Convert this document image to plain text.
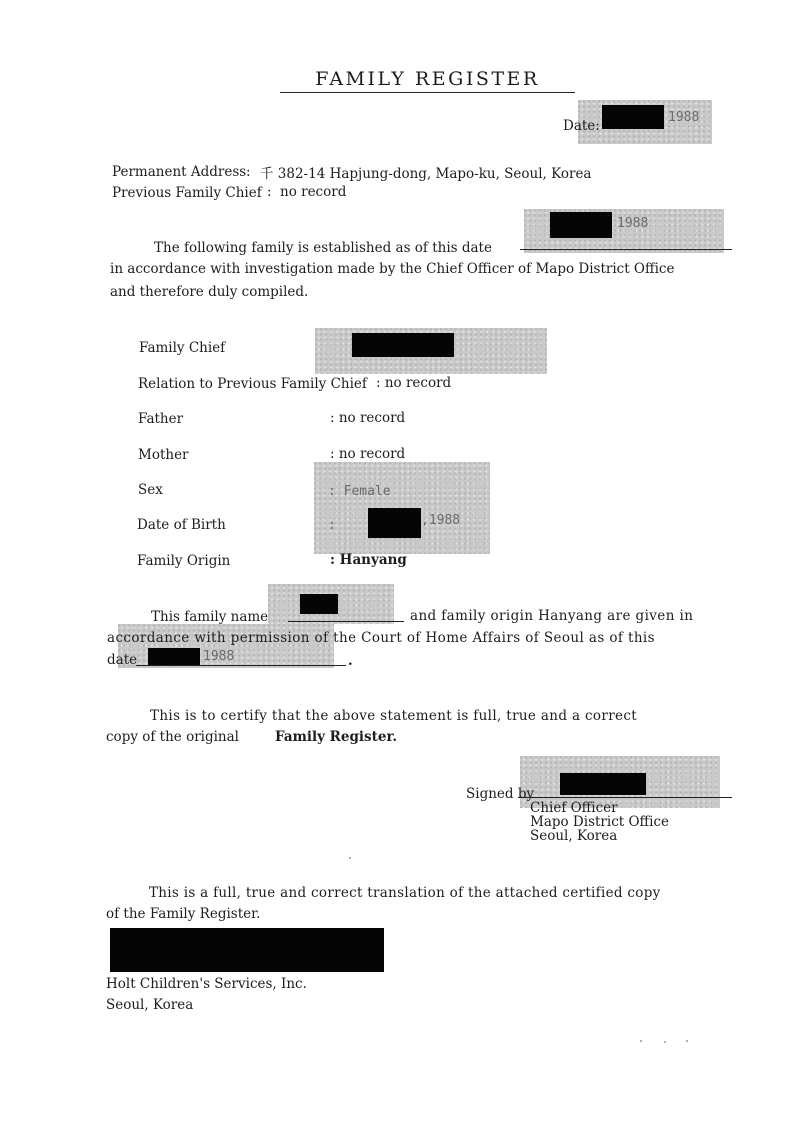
FAMILY REGISTER
Date:
1988
Permanent Address : 千 382-14 Hapjung-dong, Mapo-ku, Seoul, Korea
Previous Family Chief : no record
1988
The following family is established as of this date
in accordance with investigation made by the Chief Officer of Mapo District Office
and therefore duly compiled.
Family Chief
Relation to Previous Family Chief : no record
Father	: no record
Mother	: no record
Sex	: Female
Date of Birth	:	,1988
Family Origin	: Hanyang
This family name	and family origin Hanyang are given in
accordance with permission of the Court of Home Affairs of Seoul as of this
date	1988	.
This is to certify that the above statement is full, true and a correct
copy of the original	Family Register.
Signed by
Chief Officer
Mapo District Office
Seoul, Korea
This is a full, true and correct translation of the attached certified copy
of the Family Register.
Holt Children's Services, Inc.
Seoul, Korea
